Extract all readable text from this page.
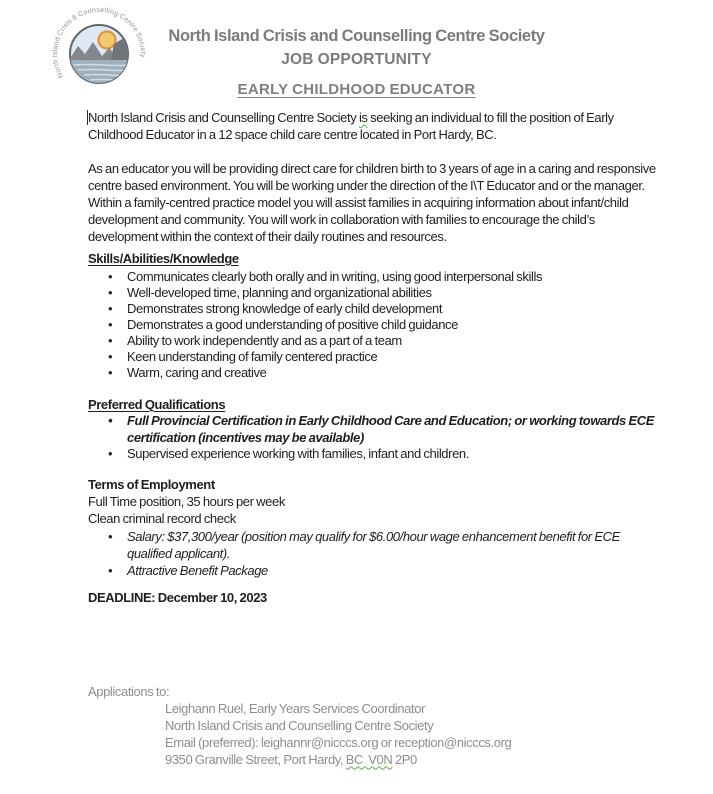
North Island Crisis & Counselling Centre Society
North Island Crisis and Counselling Centre Society
JOB OPPORTUNITY
EARLY CHILDHOOD EDUCATOR

North Island Crisis and Counselling Centre Society is seeking an individual to fill the position of Early Childhood Educator in a 12 space child care centre located in Port Hardy, BC.

As an educator you will be providing direct care for children birth to 3 years of age in a caring and responsive centre based environment. You will be working under the direction of the I\T Educator and or the manager.  Within a family-centred practice model you will assist families in acquiring information about infant/child development and community. You will work in collaboration with families to encourage the child’s development within the context of their daily routines and resources.

Skills/Abilities/Knowledge
• Communicates clearly both orally and in writing, using good interpersonal skills
• Well-developed time, planning and organizational abilities
• Demonstrates strong knowledge of early child development
• Demonstrates a good understanding of positive child guidance
• Ability to work independently and as a part of a team
• Keen understanding of family centered practice
• Warm, caring and creative
Preferred Qualifications
• Full Provincial Certification in Early Childhood Care and Education; or working towards ECE certification (incentives may be available)
• Supervised experience working with families, infant and children.
Terms of Employment

Full Time position, 35 hours per week

Clean criminal record check

• Salary: $37,300/year (position may qualify for $6.00/hour wage enhancement benefit for ECE qualified applicant).
• Attractive Benefit Package

DEADLINE: December 10, 2023

Applications to:
Leighann Ruel, Early Years Services Coordinator
North Island Crisis and Counselling Centre Society
Email (preferred): leighannr@nicccs.org or reception@nicccs.org
9350 Granville Street, Port Hardy, BC  V0N 2P0
